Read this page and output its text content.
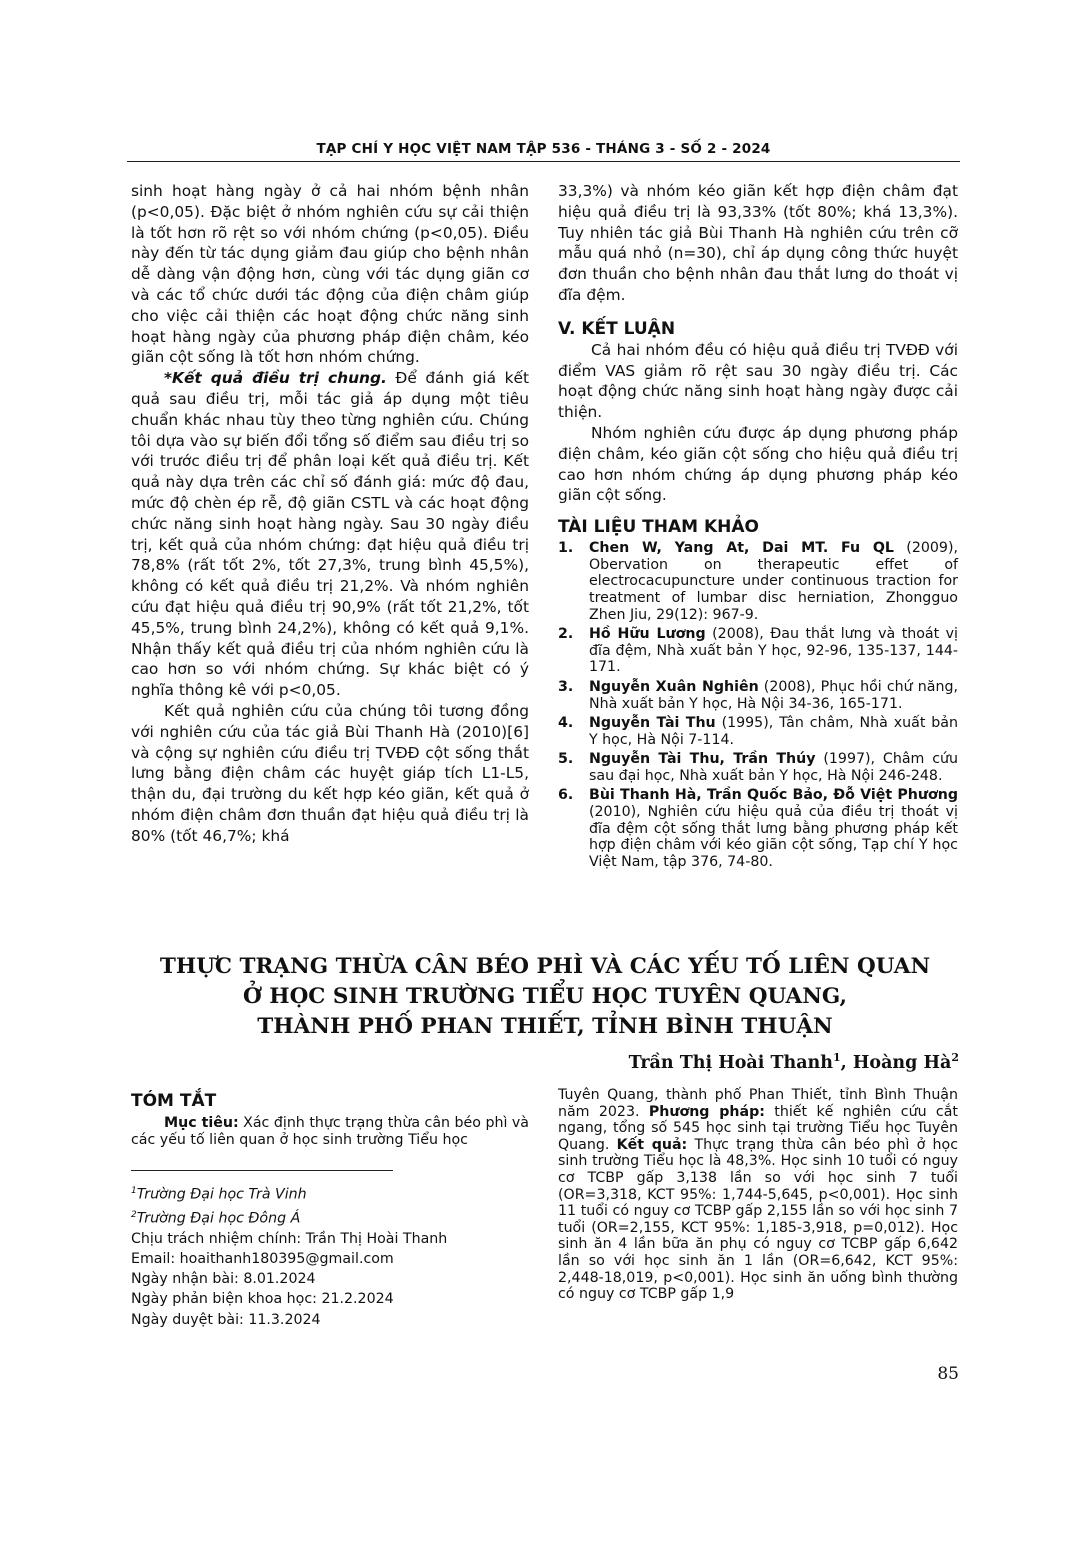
TẠP CHÍ Y HỌC VIỆT NAM TẬP 536 - THÁNG 3 - SỐ 2 - 2024

sinh hoạt hàng ngày ở cả hai nhóm bệnh nhân (p<0,05). Đặc biệt ở nhóm nghiên cứu sự cải thiện là tốt hơn rõ rệt so với nhóm chứng (p<0,05). Điều này đến từ tác dụng giảm đau giúp cho bệnh nhân dễ dàng vận động hơn, cùng với tác dụng giãn cơ và các tổ chức dưới tác động của điện châm giúp cho việc cải thiện các hoạt động chức năng sinh hoạt hàng ngày của phương pháp điện châm, kéo giãn cột sống là tốt hơn nhóm chứng.

*Kết quả điều trị chung. Để đánh giá kết quả sau điều trị, mỗi tác giả áp dụng một tiêu chuẩn khác nhau tùy theo từng nghiên cứu. Chúng tôi dựa vào sự biến đổi tổng số điểm sau điều trị so với trước điều trị để phân loại kết quả điều trị. Kết quả này dựa trên các chỉ số đánh giá: mức độ đau, mức độ chèn ép rễ, độ giãn CSTL và các hoạt động chức năng sinh hoạt hàng ngày. Sau 30 ngày điều trị, kết quả của nhóm chứng: đạt hiệu quả điều trị 78,8% (rất tốt 2%, tốt 27,3%, trung bình 45,5%), không có kết quả điều trị 21,2%. Và nhóm nghiên cứu đạt hiệu quả điều trị 90,9% (rất tốt 21,2%, tốt 45,5%, trung bình 24,2%), không có kết quả 9,1%. Nhận thấy kết quả điều trị của nhóm nghiên cứu là cao hơn so với nhóm chứng. Sự khác biệt có ý nghĩa thông kê với p<0,05.

Kết quả nghiên cứu của chúng tôi tương đồng với nghiên cứu của tác giả Bùi Thanh Hà (2010)[6] và cộng sự nghiên cứu điều trị TVĐĐ cột sống thắt lưng bằng điện châm các huyệt giáp tích L1-L5, thận du, đại trường du kết hợp kéo giãn, kết quả ở nhóm điện châm đơn thuần đạt hiệu quả điều trị là 80% (tốt 46,7%; khá

33,3%) và nhóm kéo giãn kết hợp điện châm đạt hiệu quả điều trị là 93,33% (tốt 80%; khá 13,3%). Tuy nhiên tác giả Bùi Thanh Hà nghiên cứu trên cỡ mẫu quá nhỏ (n=30), chỉ áp dụng công thức huyệt đơn thuần cho bệnh nhân đau thắt lưng do thoát vị đĩa đệm.

V. KẾT LUẬN

Cả hai nhóm đều có hiệu quả điều trị TVĐĐ với điểm VAS giảm rõ rệt sau 30 ngày điều trị. Các hoạt động chức năng sinh hoạt hàng ngày được cải thiện.

Nhóm nghiên cứu được áp dụng phương pháp điện châm, kéo giãn cột sống cho hiệu quả điều trị cao hơn nhóm chứng áp dụng phương pháp kéo giãn cột sống.

TÀI LIỆU THAM KHẢO
1.	Chen W, Yang At, Dai MT. Fu QL (2009), Obervation on therapeutic effet of electrocacupuncture under continuous traction for treatment of lumbar disc herniation, Zhongguo Zhen Jiu, 29(12): 967-9.
2.	Hồ Hữu Lương (2008), Đau thắt lưng và thoát vị đĩa đệm, Nhà xuất bản Y học, 92-96, 135-137, 144-171.
3.	Nguyễn Xuân Nghiên (2008), Phục hồi chứ năng, Nhà xuất bản Y học, Hà Nội 34-36, 165-171.
4.	Nguyễn Tài Thu (1995), Tân châm, Nhà xuất bản Y học, Hà Nội 7-114.
5.	Nguyễn Tài Thu, Trần Thúy (1997), Châm cứu sau đại học, Nhà xuất bản Y học, Hà Nội 246-248.
6.	Bùi Thanh Hà, Trần Quốc Bảo, Đỗ Việt Phương (2010), Nghiên cứu hiệu quả của điều trị thoát vị đĩa đệm cột sống thắt lưng bằng phương pháp kết hợp điện châm với kéo giãn cột sống, Tạp chí Y học Việt Nam, tập 376, 74-80.
THỰC TRẠNG THỪA CÂN BÉO PHÌ VÀ CÁC YẾU TỐ LIÊN QUAN
Ở HỌC SINH TRƯỜNG TIỂU HỌC TUYÊN QUANG,
THÀNH PHỐ PHAN THIẾT, TỈNH BÌNH THUẬN
Trần Thị Hoài Thanh$^1$, Hoàng $Hà^2$
TÓM TẮT

Mục tiêu: Xác định thực trạng thừa cân béo phì và các yếu tố liên quan ở học sinh trường Tiểu học

$^1$Trường Đại học Trà Vinh
$^2$Trường Đại học Đông Á
Chịu trách nhiệm chính: Trần Thị Hoài Thanh
Email: hoaithanh180395@gmail.com
Ngày nhận bài: 8.01.2024
Ngày phản biện khoa học: 21.2.2024
Ngày duyệt bài: 11.3.2024
Tuyên Quang, thành phố Phan Thiết, tỉnh Bình Thuận năm 2023. Phương pháp: thiết kế nghiên cứu cắt ngang, tổng số 545 học sinh tại trường Tiểu học Tuyên Quang. Kết quả: Thực trạng thừa cân béo phì ở học sinh trường Tiểu học là 48,3%. Học sinh 10 tuổi có nguy cơ TCBP gấp 3,138 lần so với học sinh 7 tuổi (OR=3,318, KCT 95%: 1,744-5,645, p<0,001). Học sinh 11 tuổi có nguy cơ TCBP gấp 2,155 lần so với học sinh 7 tuổi (OR=2,155, KCT 95%: 1,185-3,918, p=0,012). Học sinh ăn 4 lần bữa ăn phụ có nguy cơ TCBP gấp 6,642 lần so với học sinh ăn 1 lần (OR=6,642, KCT 95%: 2,448-18,019, p<0,001). Học sinh ăn uống bình thường có nguy cơ TCBP gấp 1,9
85
